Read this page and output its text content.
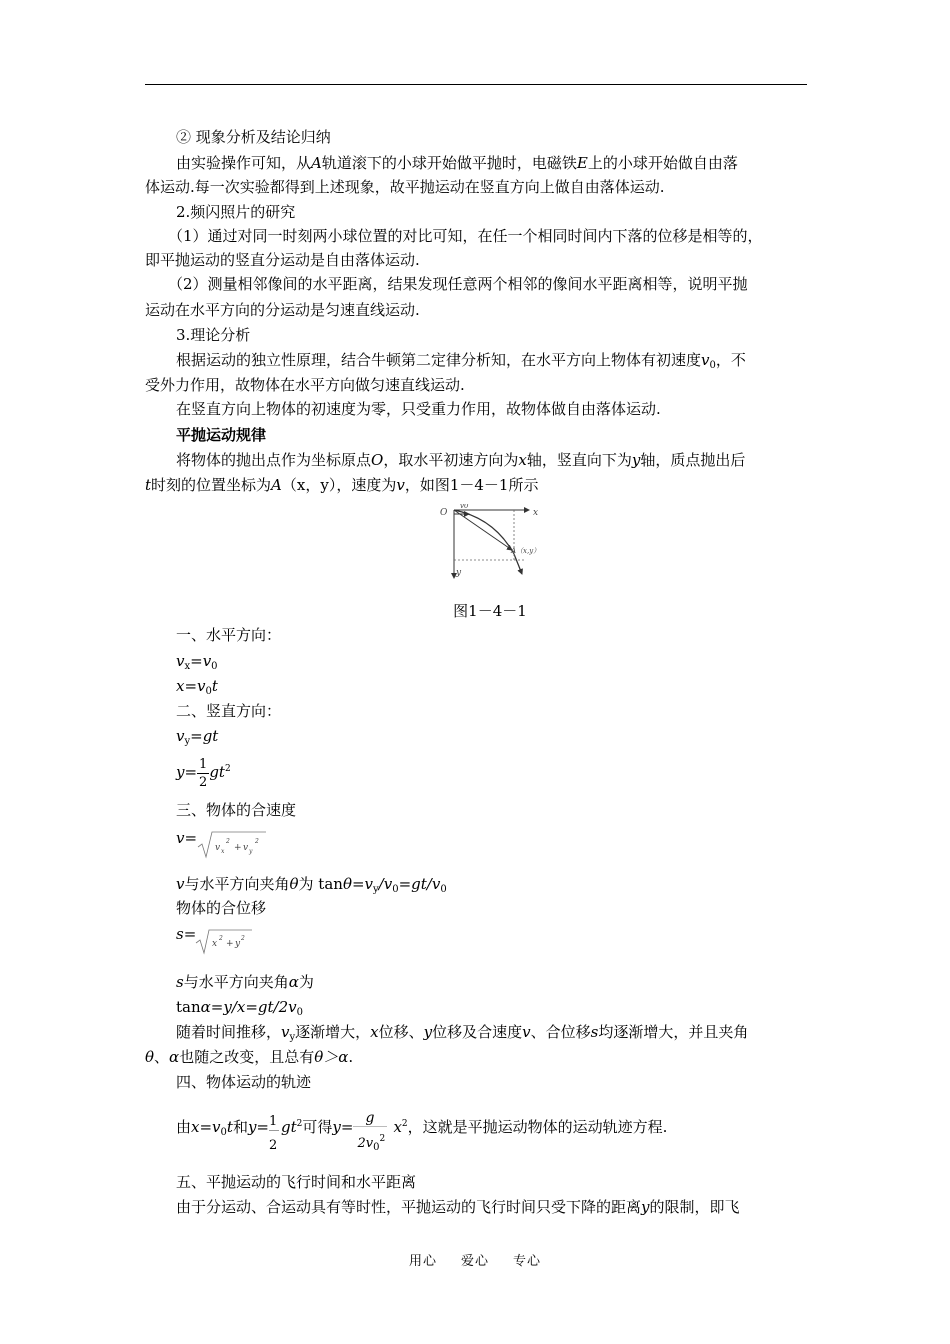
② 现象分析及结论归纳
由实验操作可知，从A轨道滚下的小球开始做平抛时，电磁铁E上的小球开始做自由落
体运动.每一次实验都得到上述现象，故平抛运动在竖直方向上做自由落体运动.
2.频闪照片的研究
（1）通过对同一时刻两小球位置的对比可知，在任一个相同时间内下落的位移是相等的，
即平抛运动的竖直分运动是自由落体运动.
（2）测量相邻像间的水平距离，结果发现任意两个相邻的像间水平距离相等，说明平抛
运动在水平方向的分运动是匀速直线运动.
3.理论分析
根据运动的独立性原理，结合牛顿第二定律分析知，在水平方向上物体有初速度$v_0$，不
受外力作用，故物体在水平方向做匀速直线运动.
在竖直方向上物体的初速度为零，只受重力作用，故物体做自由落体运动.
平抛运动规律
将物体的抛出点作为坐标原点O，取水平初速方向为x轴，竖直向下为y轴，质点抛出后
t时刻的位置坐标为A（x，y），速度为v，如图1－4－1所示
O	x
y
v0
A（x,y）
图1－4－1
一、水平方向：
$v_x=v_0$
$x=v_0t$
二、竖直方向：
$v_y=gt$
$y= \frac{1}{2} gt^2$
三、物体的合速度
v=
v x
2
+ v y
2
v与水平方向夹角θ为 $\tan\theta=v_y/v_0=gt/v_0$
物体的合位移
s=
x
2
+ y
2
s与水平方向夹角α为
$\tan\alpha=y/x=gt/2v_0$
随着时间推移，$v_y$逐渐增大，x位移、y位移及合速度v、合位移s均逐渐增大，并且夹角
θ、α也随之改变，且总有θ＞α.
四、物体运动的轨迹
由$x=v_0t$和y= 1
2
$gt^2$可得$y= \frac{g}{2v_0^2} x^2$，这就是平抛运动物体的运动轨迹方程.
五、平抛运动的飞行时间和水平距离
由于分运动、合运动具有等时性，平抛运动的飞行时间只受下降的距离y的限制，即飞
用心 爱心 专心
